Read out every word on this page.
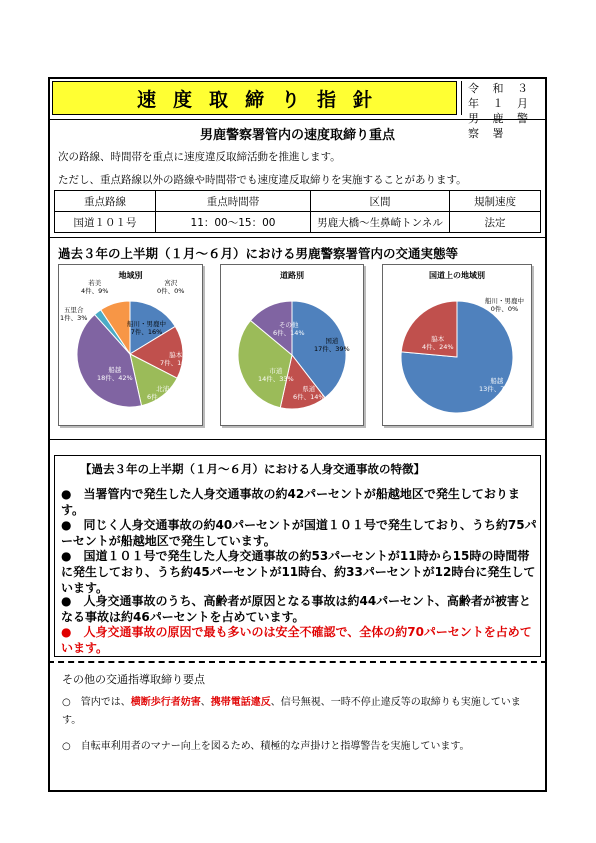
速度取締り指針	令 和 ３ 年 １ 月
男 鹿 警 察 署
男鹿警察署管内の速度取締り重点
次の路線、時間帯を重点に速度違反取締活動を推進します。
ただし、重点路線以外の路線や時間帯でも速度違反取締りを実施することがあります。
重点路線	重点時間帯	区間	規制速度
国道１０１号	11：00～15：00	男鹿大橋～生鼻崎トンネル	法定
過去３年の上半期（１月～６月）における男鹿警察署管内の交通実態等
地域別
船川・男鹿中
7件、16%
脇本
7件、16%
北浦
6件、14%
船越
18件、42%
五里合
1件、3%
若美
4件、9%
宮沢
0件、0%
道路別
国道
17件、39%
県道
6件、14%
市道
14件、33%
その他
6件、14%
国道上の地域別
船越
13件、76%
脇本
4件、24%
船川・男鹿中
0件、0%
【過去３年の上半期（１月～６月）における人身交通事故の特徴】
●　当署管内で発生した人身交通事故の約42パーセントが船越地区で発生しております。
●　同じく人身交通事故の約40パーセントが国道１０１号で発生しており、うち約75パーセントが船越地区で発生しています。
●　国道１０１号で発生した人身交通事故の約53パーセントが11時から15時の時間帯に発生しており、うち約45パーセントが11時台、約33パーセントが12時台に発生しています。
●　人身交通事故のうち、高齢者が原因となる事故は約44パーセント、高齢者が被害となる事故は約46パーセントを占めています。
●　人身交通事故の原因で最も多いのは安全不確認で、全体の約70パーセントを占めています。
その他の交通指導取締り要点
○　管内では、横断歩行者妨害、携帯電話違反、信号無視、一時不停止違反等の取締りも実施しています。
○　自転車利用者のマナー向上を図るため、積極的な声掛けと指導警告を実施しています。
